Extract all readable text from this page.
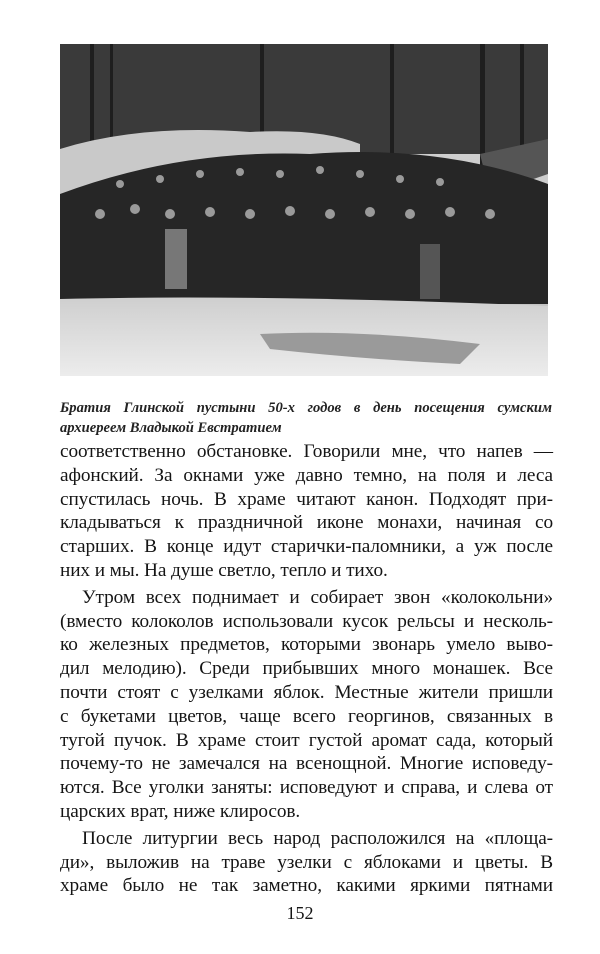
Братия Глинской пустыни 50-х годов в день посещения сумским
архиереем Владыкой Евстратием
соответственно обстановке. Говорили мне, что напев —
афонский. За окнами уже давно темно, на поля и леса
спустилась ночь. В храме читают канон. Подходят при-
кладываться к праздничной иконе монахи, начиная со
старших. В конце идут старички-паломники, а уж после
них и мы. На душе светло, тепло и тихо.
Утром всех поднимает и собирает звон «колокольни»
(вместо колоколов использовали кусок рельсы и несколь-
ко железных предметов, которыми звонарь умело выво-
дил мелодию). Среди прибывших много монашек. Все
почти стоят с узелками яблок. Местные жители пришли
с букетами цветов, чаще всего георгинов, связанных в
тугой пучок. В храме стоит густой аромат сада, который
почему-то не замечался на всенощной. Многие исповеду-
ются. Все уголки заняты: исповедуют и справа, и слева от
царских врат, ниже клиросов.
После литургии весь народ расположился на «площа-
ди», выложив на траве узелки с яблоками и цветы. В
храме было не так заметно, какими яркими пятнами
152
